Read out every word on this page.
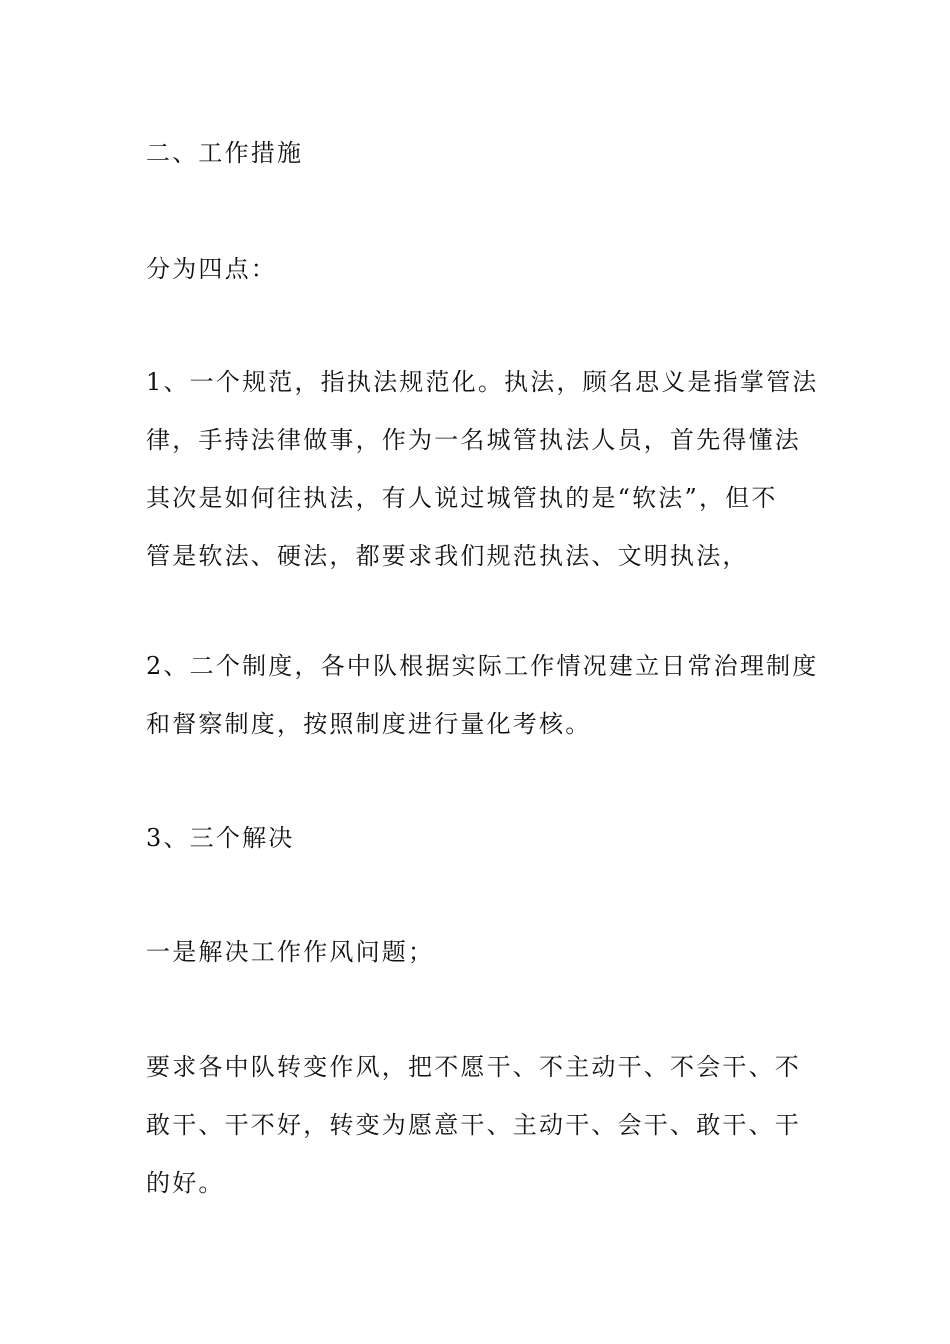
二、工作措施

分为四点：

1、一个规范，指执法规范化。执法，顾名思义是指掌管法
律，手持法律做事，作为一名城管执法人员，首先得懂法
其次是如何往执法，有人说过城管执的是“软法”，但不
管是软法、硬法，都要求我们规范执法、文明执法，

2、二个制度，各中队根据实际工作情况建立日常治理制度
和督察制度，按照制度进行量化考核。

3、三个解决

一是解决工作作风问题；

要求各中队转变作风，把不愿干、不主动干、不会干、不
敢干、干不好，转变为愿意干、主动干、会干、敢干、干
的好。
